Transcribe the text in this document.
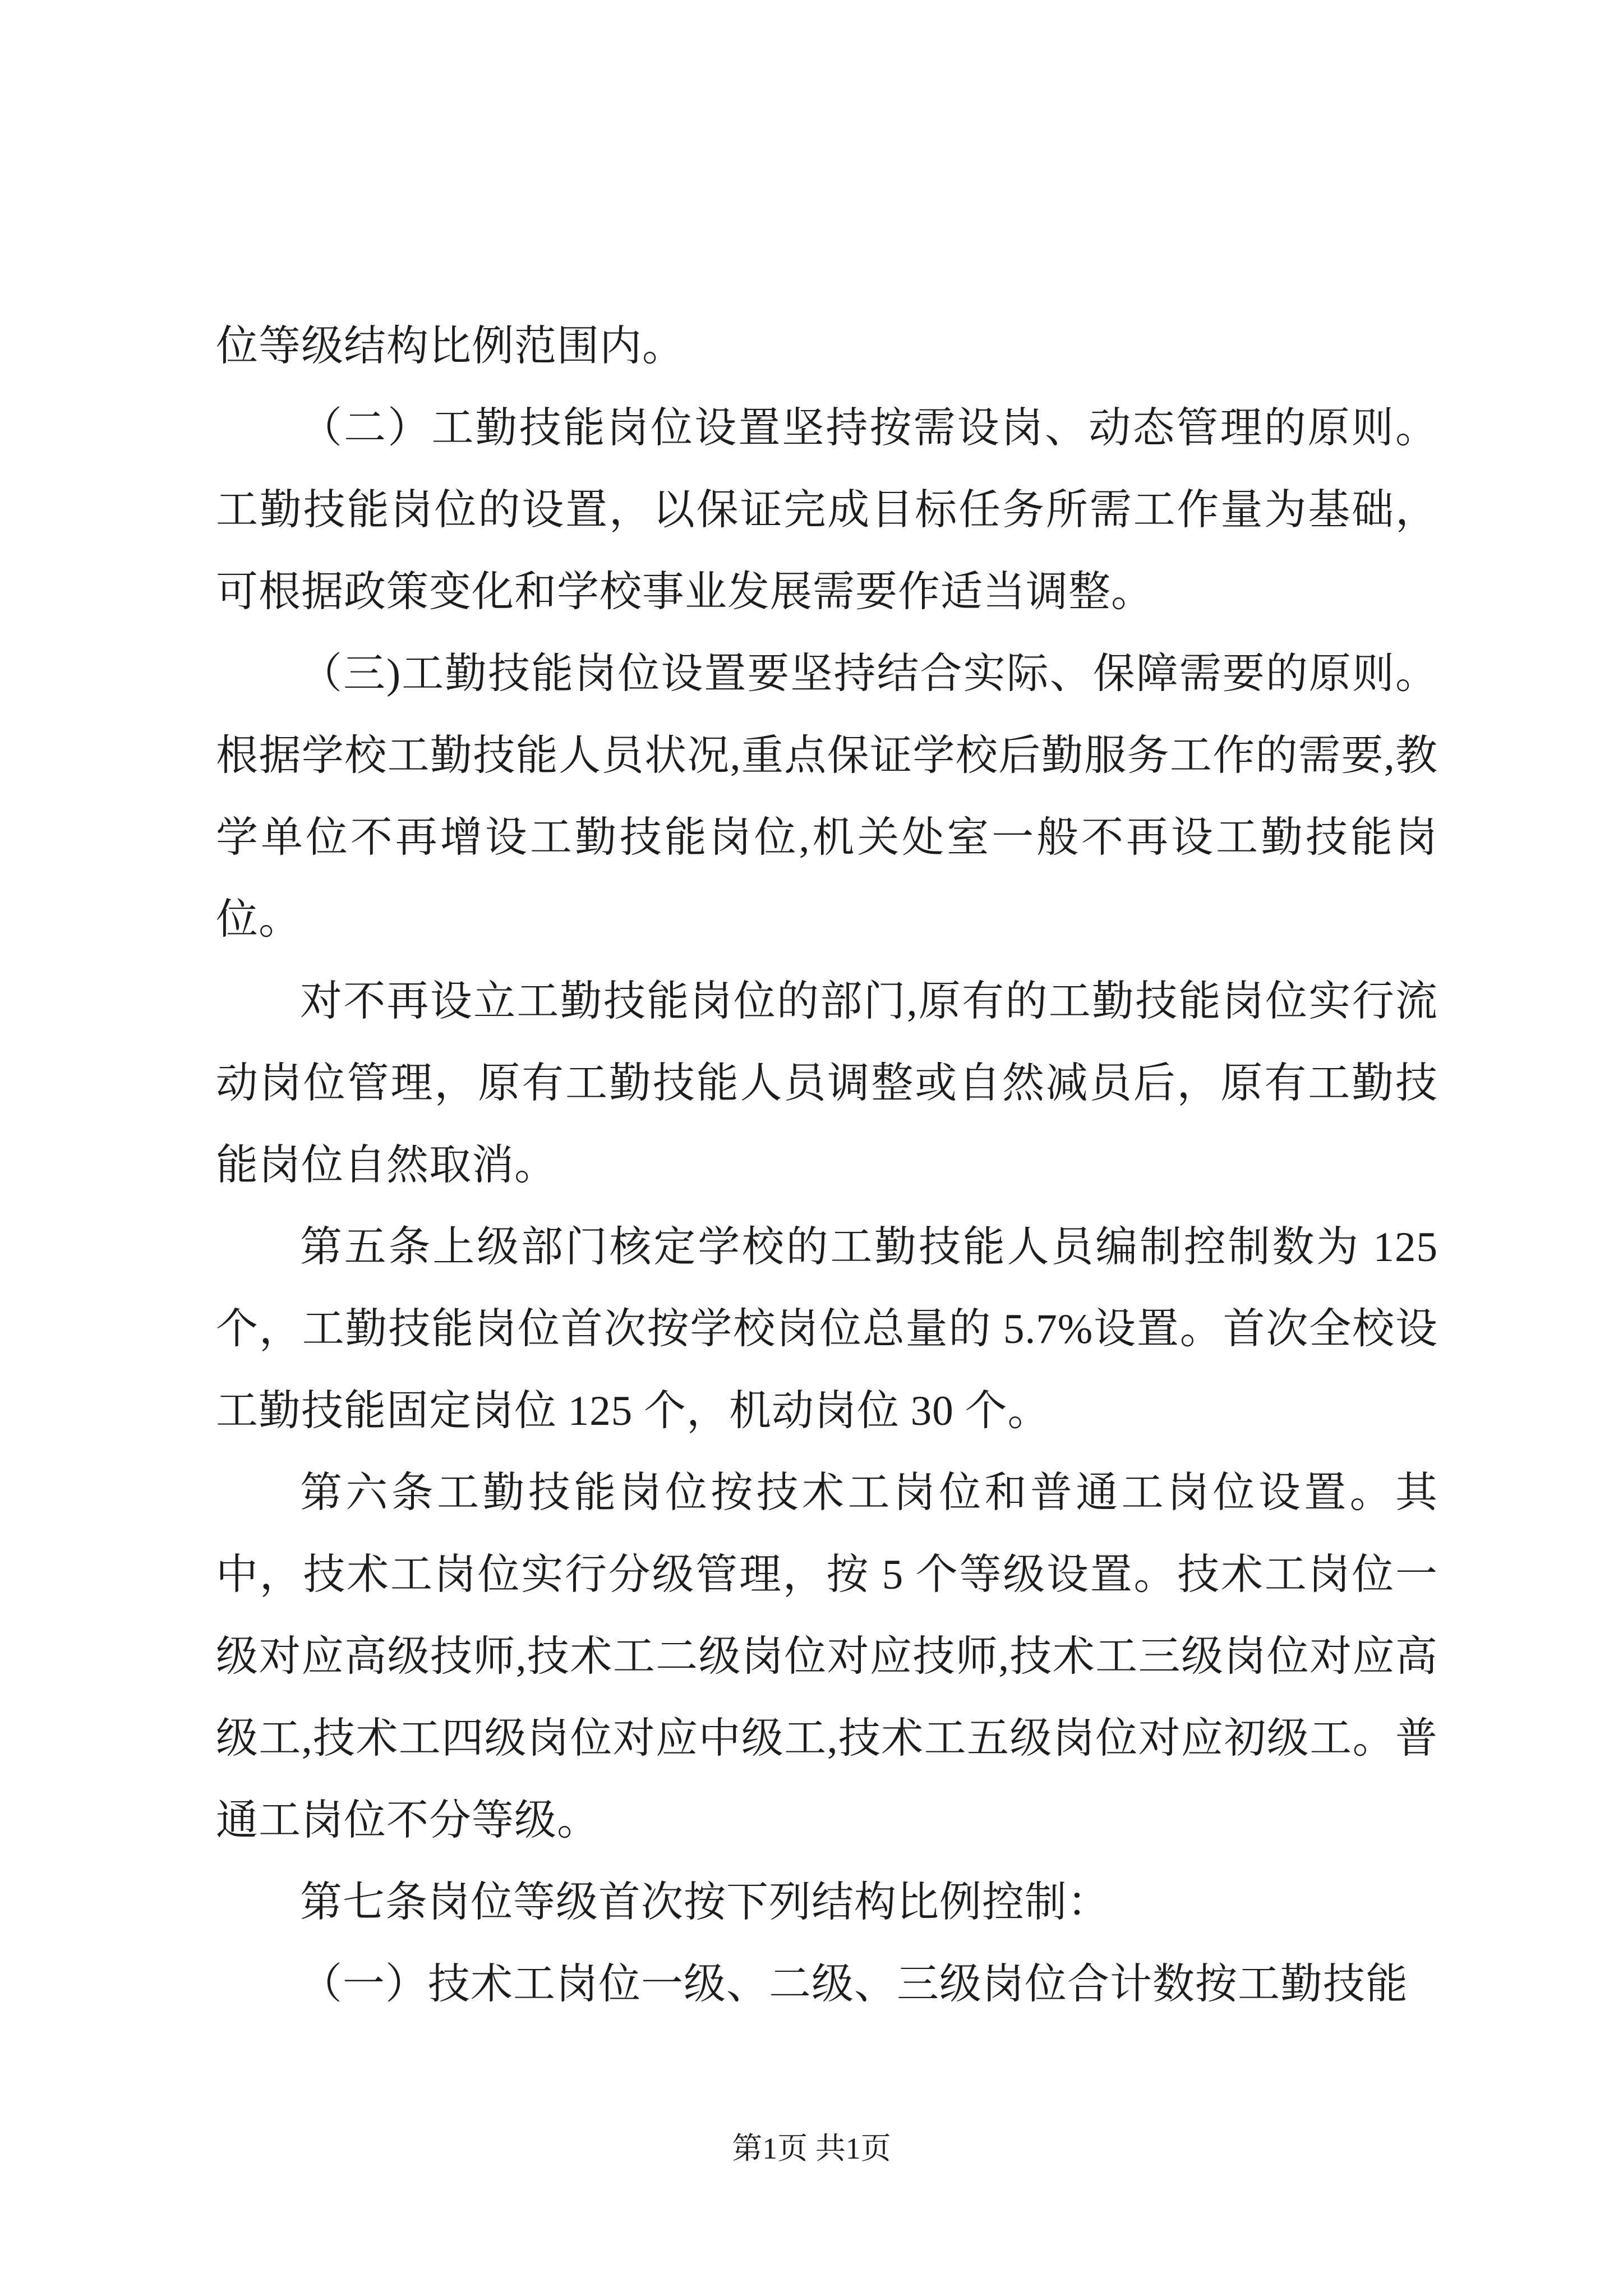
位等级结构比例范围内。

（二）工勤技能岗位设置坚持按需设岗、动态管理的原则。工勤技能岗位的设置，以保证完成目标任务所需工作量为基础，可根据政策变化和学校事业发展需要作适当调整。

（三)工勤技能岗位设置要坚持结合实际、保障需要的原则。根据学校工勤技能人员状况,重点保证学校后勤服务工作的需要,教学单位不再增设工勤技能岗位,机关处室一般不再设工勤技能岗位。

对不再设立工勤技能岗位的部门,原有的工勤技能岗位实行流动岗位管理，原有工勤技能人员调整或自然减员后，原有工勤技能岗位自然取消。

第五条上级部门核定学校的工勤技能人员编制控制数为 125 个，工勤技能岗位首次按学校岗位总量的 5.7%设置。首次全校设工勤技能固定岗位 125 个，机动岗位 30 个。

第六条工勤技能岗位按技术工岗位和普通工岗位设置。其中，技术工岗位实行分级管理，按 5 个等级设置。技术工岗位一级对应高级技师,技术工二级岗位对应技师,技术工三级岗位对应高级工,技术工四级岗位对应中级工,技术工五级岗位对应初级工。普通工岗位不分等级。

第七条岗位等级首次按下列结构比例控制：

（一）技术工岗位一级、二级、三级岗位合计数按工勤技能

第1页 共1页
